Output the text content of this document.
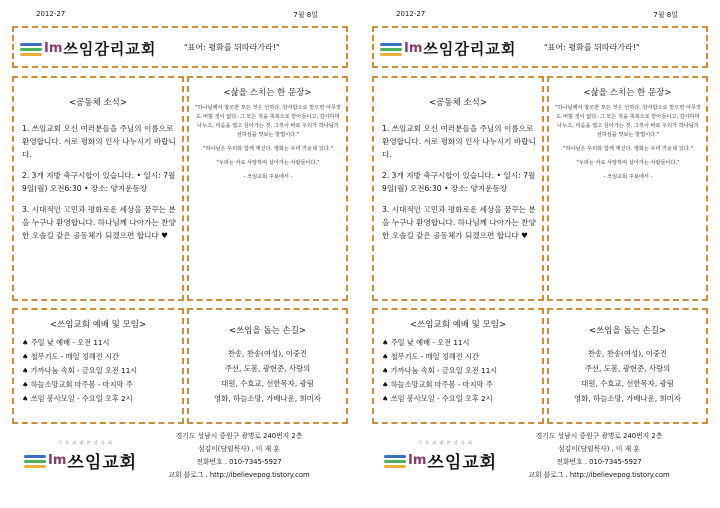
2012-27	7월 8일
Im 쓰임감리교회	"표어: 평화를 뒤따라가라!"
<공동체 소식>

1. 쓰임교회 오신 여러분들을 주님의 이름으로 환영합니다. 서로 평화의 인사 나누시기 바랍니다.

2. 3개 지방 축구시합이 있습니다. • 일시: 7월9일(월) 오전6:30 • 장소: 양지운동장

3. 시대적인 고민과 평화로운 세상을 꿈꾸는 분을 누구나 환영합니다. 하나님께 나아가는 찬양한 오솔길 같은 공동체가 되겠으면 합니다 ♥

<삶을 스치는 한 문장>

"하나님께서 창조한 모든 것은 선하다. 감사함으로 받으면 아무것도 버릴 것이 없다. 그 모든 것을 축복으로 받아들이고, 감사하며 나누고, 마음을 열고 살아가는 것, 그것이 바로 우리가 하나님의 선하심을 맛보는 방법이다."

"하나님은 우리와 함께 계신다. 평화는 우리 가운데 있다."

"우리는 서로 사랑하며 살아가는 사람들이다."

- 쓰임교회 주보에서 -

<쓰임교회 예배 및 모임>
♠ 주일 낮 예배 - 오전 11시
♠ 철무기도 - 매일 정해진 시간
♠ 가까나눔 속회 - 금요일 오전 11시
♠ 하늘소망교회 마주봄 - 마지막 주
♠ 쓰임 봉사모임 - 수요일 오후 2시
<쓰임을 돕는 손길>
찬송, 찬송(여성), 이중진
주선, 도봄, 광현준, 사랑의
대원, 수효교, 선한목자, 광림
영화, 하늘소망, 가배나운, 희미자
기 독 교 대 한 감 리 회
Im 쓰임교회
경기도 성남시 중원구 광명로 240번지 2층
섬김이(담임목사) . 이 재 훈
전화번호 . 010-7345-5927
교회 블로그 . http://ibelievepog.tistory.com
2012-27	7월 8일
Im 쓰임감리교회	"표어: 평화를 뒤따라가라!"
<공동체 소식>

1. 쓰임교회 오신 여러분들을 주님의 이름으로 환영합니다. 서로 평화의 인사 나누시기 바랍니다.

2. 3개 지방 축구시합이 있습니다. • 일시: 7월9일(월) 오전6:30 • 장소: 양지운동장

3. 시대적인 고민과 평화로운 세상을 꿈꾸는 분을 누구나 환영합니다. 하나님께 나아가는 찬양한 오솔길 같은 공동체가 되겠으면 합니다 ♥

<삶을 스치는 한 문장>

"하나님께서 창조한 모든 것은 선하다. 감사함으로 받으면 아무것도 버릴 것이 없다. 그 모든 것을 축복으로 받아들이고, 감사하며 나누고, 마음을 열고 살아가는 것, 그것이 바로 우리가 하나님의 선하심을 맛보는 방법이다."

"하나님은 우리와 함께 계신다. 평화는 우리 가운데 있다."

"우리는 서로 사랑하며 살아가는 사람들이다."

- 쓰임교회 주보에서 -

<쓰임교회 예배 및 모임>
♠ 주일 낮 예배 - 오전 11시
♠ 철무기도 - 매일 정해진 시간
♠ 가까나눔 속회 - 금요일 오전 11시
♠ 하늘소망교회 마주봄 - 마지막 주
♠ 쓰임 봉사모임 - 수요일 오후 2시
<쓰임을 돕는 손길>
찬송, 찬송(여성), 이중진
주선, 도봄, 광현준, 사랑의
대원, 수효교, 선한목자, 광림
영화, 하늘소망, 가배나운, 희미자
기 독 교 대 한 감 리 회
Im 쓰임교회
경기도 성남시 중원구 광명로 240번지 2층
섬김이(담임목사) . 이 재 훈
전화번호 . 010-7345-5927
교회 블로그 . http://ibelievepog.tistory.com
